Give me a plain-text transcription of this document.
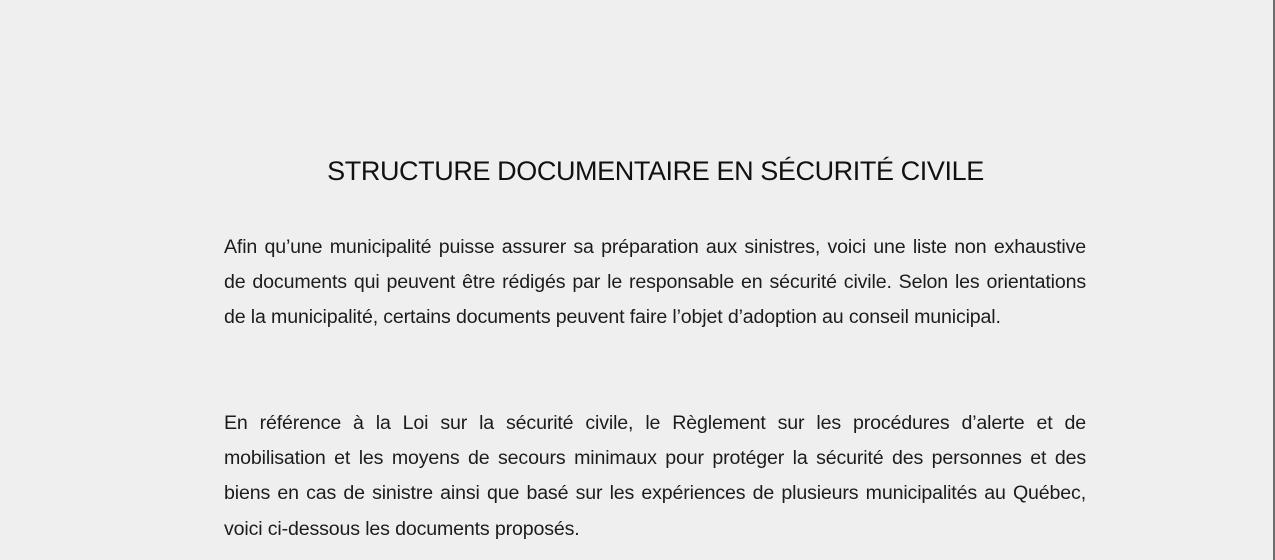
STRUCTURE DOCUMENTAIRE EN SÉCURITÉ CIVILE

Afin qu’une municipalité puisse assurer sa préparation aux sinistres, voici une liste non exhaustive de documents qui peuvent être rédigés par le responsable en sécurité civile. Selon les orientations de la municipalité, certains documents peuvent faire l’objet d’adoption au conseil municipal.

En référence à la Loi sur la sécurité civile, le Règlement sur les procédures d’alerte et de mobilisation et les moyens de secours minimaux pour protéger la sécurité des personnes et des biens en cas de sinistre ainsi que basé sur les expériences de plusieurs municipalités au Québec, voici ci-dessous les documents proposés.
